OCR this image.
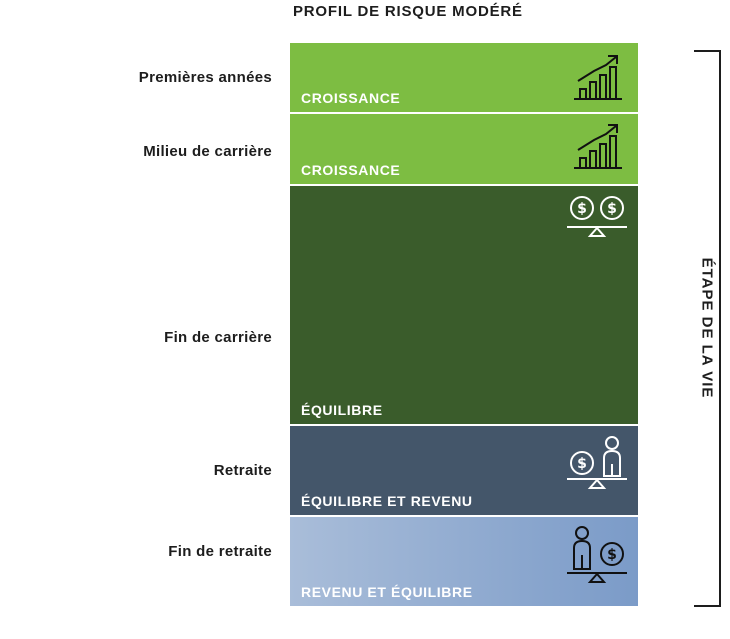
PROFIL DE RISQUE MODÉRÉ
Premières années
Milieu de carrière
Fin de carrière
Retraite
Fin de retraite
CROISSANCE
CROISSANCE
$ $
ÉQUILIBRE
$
ÉQUILIBRE ET REVENU
$
REVENU ET ÉQUILIBRE
ÉTAPE DE LA VIE
